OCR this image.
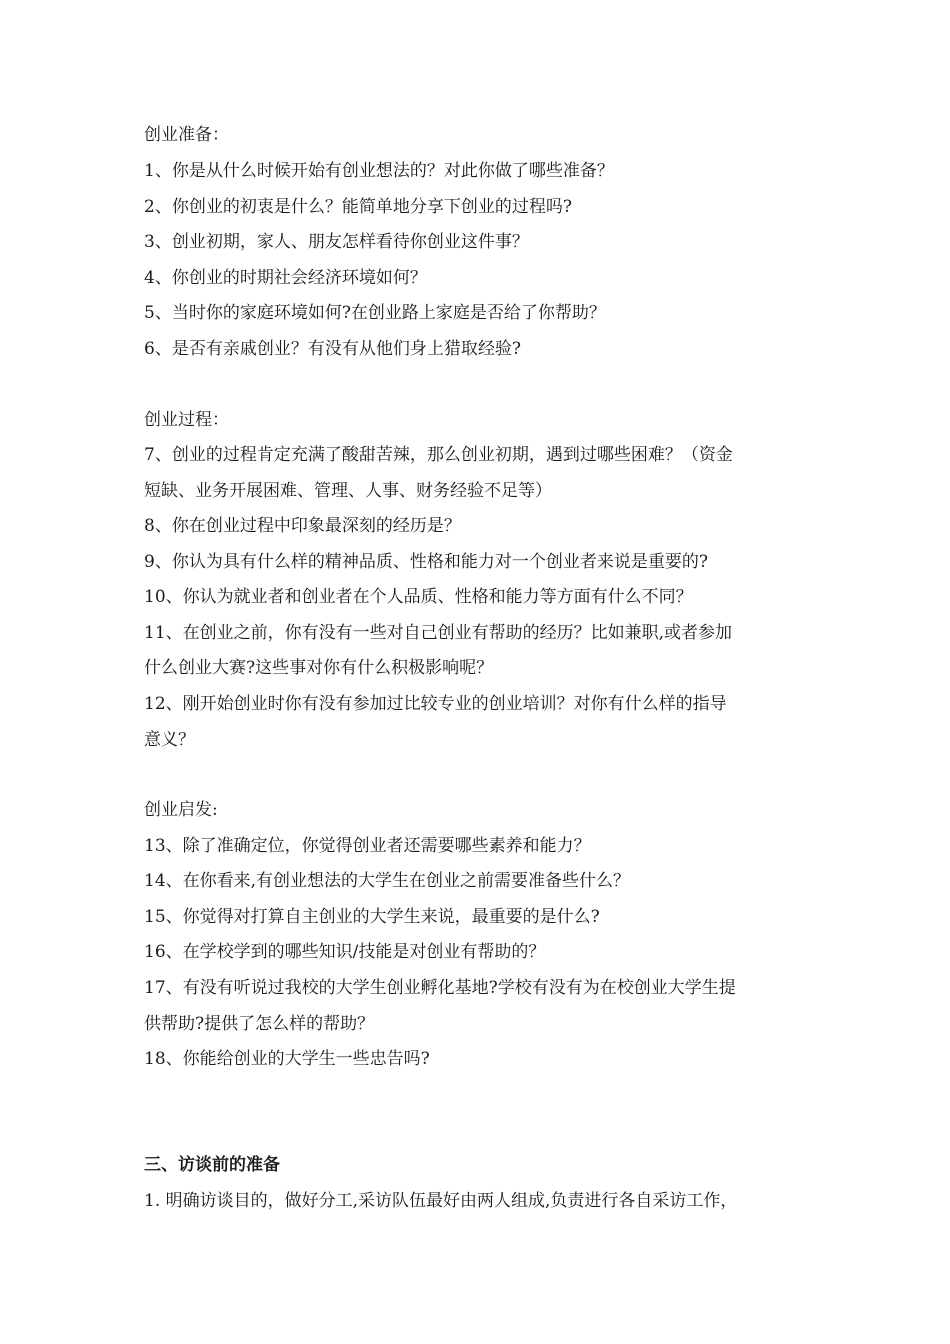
创业准备：
1、你是从什么时候开始有创业想法的？对此你做了哪些准备？
2、你创业的初衷是什么？能简单地分享下创业的过程吗?
3、创业初期，家人、朋友怎样看待你创业这件事？
4、你创业的时期社会经济环境如何？
5、当时你的家庭环境如何?在创业路上家庭是否给了你帮助？
6、是否有亲戚创业？有没有从他们身上猎取经验?
创业过程：
7、创业的过程肯定充满了酸甜苦辣，那么创业初期，遇到过哪些困难？（资金
短缺、业务开展困难、管理、人事、财务经验不足等）
8、你在创业过程中印象最深刻的经历是？
9、你认为具有什么样的精神品质、性格和能力对一个创业者来说是重要的?
10、你认为就业者和创业者在个人品质、性格和能力等方面有什么不同？
11、在创业之前，你有没有一些对自己创业有帮助的经历？比如兼职,或者参加
什么创业大赛?这些事对你有什么积极影响呢？
12、刚开始创业时你有没有参加过比较专业的创业培训？对你有什么样的指导
意义？
创业启发:
13、除了准确定位，你觉得创业者还需要哪些素养和能力？
14、在你看来,有创业想法的大学生在创业之前需要准备些什么？
15、你觉得对打算自主创业的大学生来说，最重要的是什么?
16、在学校学到的哪些知识/技能是对创业有帮助的？
17、有没有听说过我校的大学生创业孵化基地?学校有没有为在校创业大学生提
供帮助?提供了怎么样的帮助？
18、你能给创业的大学生一些忠告吗?
三、访谈前的准备
1. 明确访谈目的，做好分工,采访队伍最好由两人组成,负责进行各自采访工作，
